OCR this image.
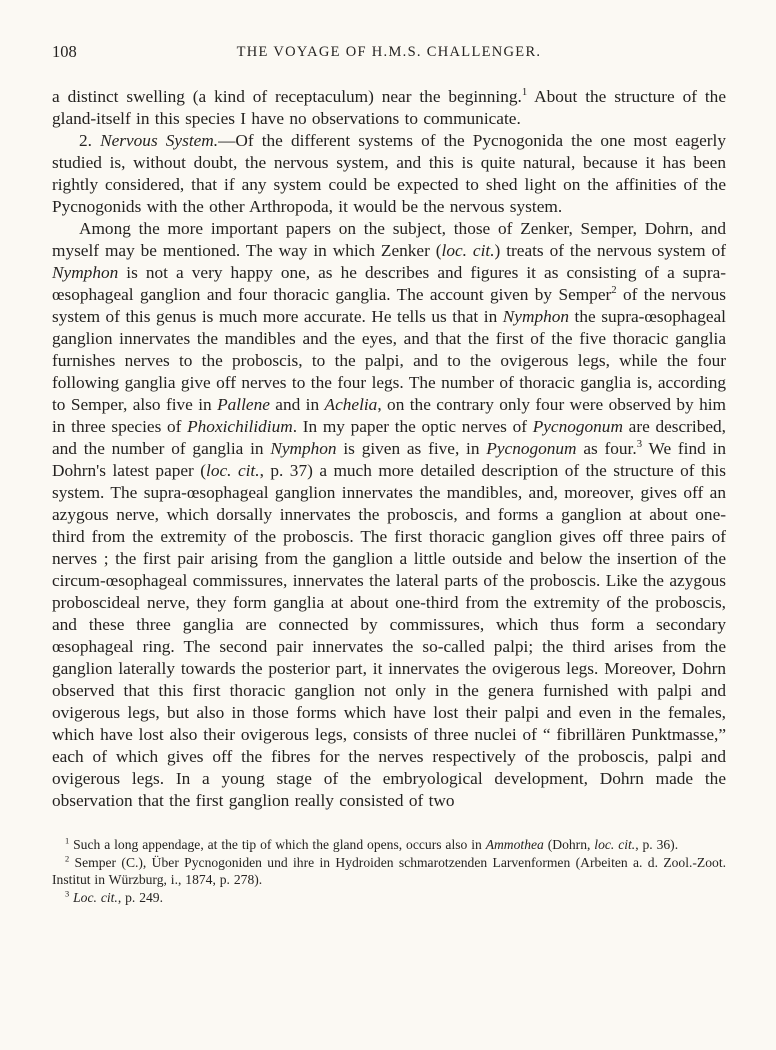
108	THE VOYAGE OF H.M.S. CHALLENGER.

a distinct swelling (a kind of receptaculum) near the beginning.$^1$ About the structure of the gland-itself in this species I have no observations to communicate.

2. Nervous System.—Of the different systems of the Pycnogonida the one most eagerly studied is, without doubt, the nervous system, and this is quite natural, because it has been rightly considered, that if any system could be expected to shed light on the affinities of the Pycnogonids with the other Arthropoda, it would be the nervous system.

Among the more important papers on the subject, those of Zenker, Semper, Dohrn, and myself may be mentioned. The way in which Zenker (loc. cit.) treats of the nervous system of Nymphon is not a very happy one, as he describes and figures it as consisting of a supra-œsophageal ganglion and four thoracic ganglia. The account given by Semper$^2$ of the nervous system of this genus is much more accurate. He tells us that in Nymphon the supra-œsophageal ganglion innervates the mandibles and the eyes, and that the first of the five thoracic ganglia furnishes nerves to the proboscis, to the palpi, and to the ovigerous legs, while the four following ganglia give off nerves to the four legs. The number of thoracic ganglia is, according to Semper, also five in Pallene and in Achelia, on the contrary only four were observed by him in three species of Phoxichilidium. In my paper the optic nerves of Pycnogonum are described, and the number of ganglia in Nymphon is given as five, in Pycnogonum as four.$^3$ We find in Dohrn's latest paper (loc. cit., p. 37) a much more detailed description of the structure of this system. The supra-œsophageal ganglion innervates the mandibles, and, moreover, gives off an azygous nerve, which dorsally innervates the proboscis, and forms a ganglion at about one-third from the extremity of the proboscis. The first thoracic ganglion gives off three pairs of nerves ; the first pair arising from the ganglion a little outside and below the insertion of the circum-œsophageal commissures, innervates the lateral parts of the proboscis. Like the azygous proboscideal nerve, they form ganglia at about one-third from the extremity of the proboscis, and these three ganglia are connected by commissures, which thus form a secondary œsophageal ring. The second pair innervates the so-called palpi; the third arises from the ganglion laterally towards the posterior part, it innervates the ovigerous legs. Moreover, Dohrn observed that this first thoracic ganglion not only in the genera furnished with palpi and ovigerous legs, but also in those forms which have lost their palpi and even in the females, which have lost also their ovigerous legs, consists of three nuclei of “ fibrillären Punktmasse,” each of which gives off the fibres for the nerves respectively of the proboscis, palpi and ovigerous legs. In a young stage of the embryological development, Dohrn made the observation that the first ganglion really consisted of two

$^1$ Such a long appendage, at the tip of which the gland opens, occurs also in Ammothea (Dohrn, loc. cit., p. 36).

$^2$ Semper (C.), Über Pycnogoniden und ihre in Hydroiden schmarotzenden Larvenformen (Arbeiten a. d. Zool.-Zoot. Institut in Würzburg, i., 1874, p. 278).

$^3$ Loc. cit., p. 249.
